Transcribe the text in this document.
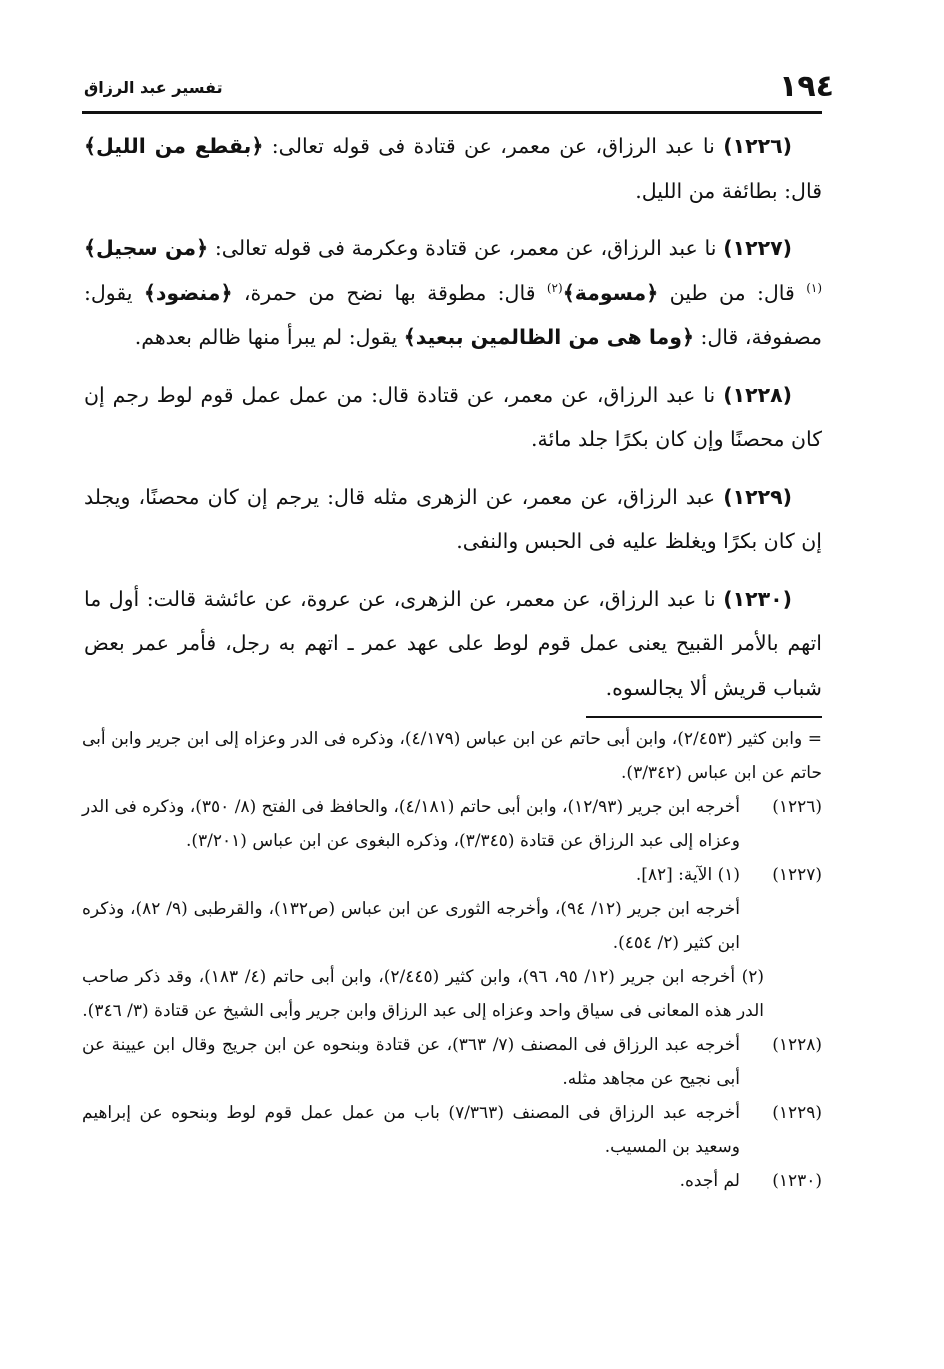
١٩٤
تفسير عبد الرزاق

(١٢٢٦) نا عبد الرزاق، عن معمر، عن قتادة فى قوله تعالى: ﴿بقطع من الليل﴾ قال: بطائفة من الليل.

(١٢٢٧) نا عبد الرزاق، عن معمر، عن قتادة وعكرمة فى قوله تعالى: ﴿من سجيل﴾$^{(١)}$ قال: من طين ﴿مسومة﴾$^{(٢)}$ قال: مطوقة بها نضح من حمرة، ﴿منضود﴾ يقول: مصفوفة، قال: ﴿وما هى من الظالمين ببعيد﴾ يقول: لم يبرأ منها ظالم بعدهم.

(١٢٢٨) نا عبد الرزاق، عن معمر، عن قتادة قال: من عمل عمل قوم لوط رجم إن كان محصنًا وإن كان بكرًا جلد مائة.

(١٢٢٩) عبد الرزاق، عن معمر، عن الزهرى مثله قال: يرجم إن كان محصنًا، ويجلد إن كان بكرًا ويغلظ عليه فى الحبس والنفى.

(١٢٣٠) نا عبد الرزاق، عن معمر، عن الزهرى، عن عروة، عن عائشة قالت: أول ما اتهم بالأمر القبيح يعنى عمل قوم لوط على عهد عمر ـ اتهم به رجل، فأمر عمر بعض شباب قريش ألا يجالسوه.

= وابن كثير (٢/٤٥٣)، وابن أبى حاتم عن ابن عباس (٤/١٧٩)، وذكره فى الدر وعزاه إلى ابن جرير وابن أبى حاتم عن ابن عباس (٣/٣٤٢).
(١٢٢٦)
أخرجه ابن جرير (١٢/٩٣)، وابن أبى حاتم (٤/١٨١)، والحافظ فى الفتح (٨/ ٣٥٠)، وذكره فى الدر وعزاه إلى عبد الرزاق عن قتادة (٣/٣٤٥)، وذكره البغوى عن ابن عباس (٣/٢٠١).
(١٢٢٧)
(١) الآية: [٨٢].
أخرجه ابن جرير (١٢/ ٩٤)، وأخرجه الثورى عن ابن عباس (ص١٣٢)، والقرطبى (٩/ ٨٢)، وذكره ابن كثير (٢/ ٤٥٤).
(٢) أخرجه ابن جرير (١٢/ ٩٥، ٩٦)، وابن كثير (٢/٤٤٥)، وابن أبى حاتم (٤/ ١٨٣)، وقد ذكر صاحب الدر هذه المعانى فى سياق واحد وعزاه إلى عبد الرزاق وابن جرير وأبى الشيخ عن قتادة (٣/ ٣٤٦).
(١٢٢٨)
أخرجه عبد الرزاق فى المصنف (٧/ ٣٦٣)، عن قتادة وبنحوه عن ابن جريج وقال ابن عيينة عن أبى نجيح عن مجاهد مثله.
(١٢٢٩)
أخرجه عبد الرزاق فى المصنف (٧/٣٦٣) باب من عمل عمل قوم لوط وبنحوه عن إبراهيم وسعيد بن المسيب.
(١٢٣٠)
لم أجده.
